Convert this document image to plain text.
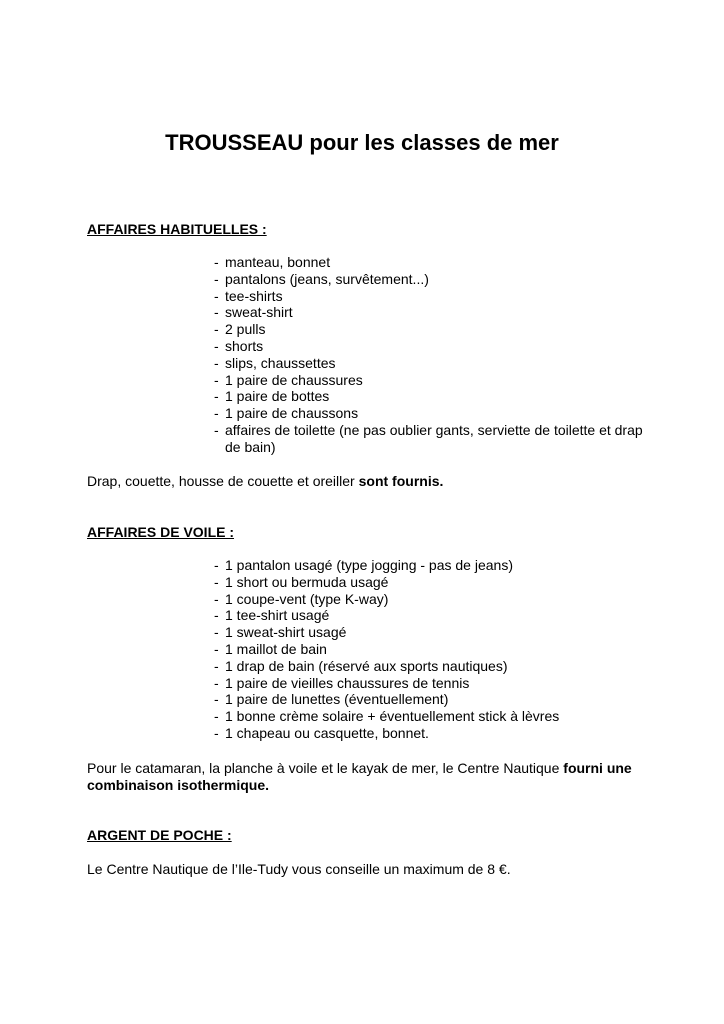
TROUSSEAU pour les classes de mer
AFFAIRES HABITUELLES :
- manteau, bonnet
- pantalons (jeans, survêtement...)
- tee-shirts
- sweat-shirt
- 2 pulls
- shorts
- slips, chaussettes
- 1 paire de chaussures
- 1 paire de bottes
- 1 paire de chaussons
- affaires de toilette (ne pas oublier gants, serviette de toilette et drap de bain)

Drap, couette, housse de couette et oreiller sont fournis.

AFFAIRES DE VOILE :
- 1 pantalon usagé (type jogging - pas de jeans)
- 1 short ou bermuda usagé
- 1 coupe-vent (type K-way)
- 1 tee-shirt usagé
- 1 sweat-shirt usagé
- 1 maillot de bain
- 1 drap de bain (réservé aux sports nautiques)
- 1 paire de vieilles chaussures de tennis
- 1 paire de lunettes (éventuellement)
- 1 bonne crème solaire + éventuellement stick à lèvres
- 1 chapeau ou casquette, bonnet.

Pour le catamaran, la planche à voile et le kayak de mer, le Centre Nautique fourni une combinaison isothermique.

ARGENT DE POCHE :

Le Centre Nautique de l’Ile-Tudy vous conseille un maximum de 8 €.
